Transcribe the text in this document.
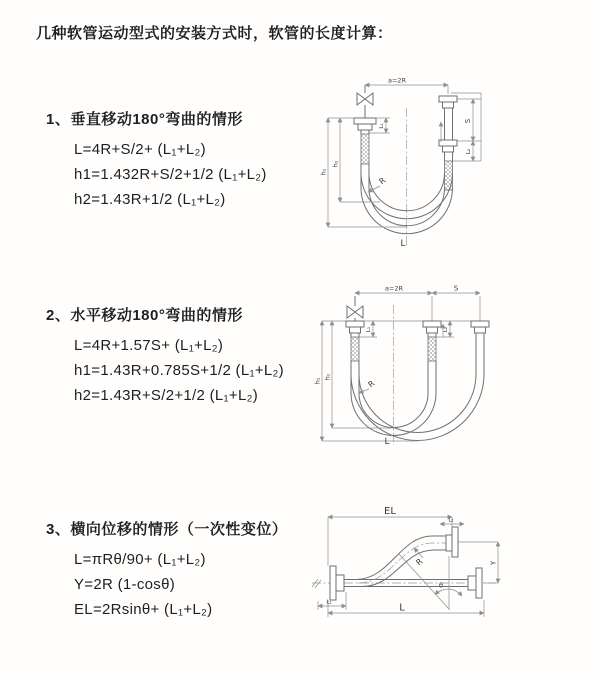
几种软管运动型式的安装方式时，软管的长度计算：
1、垂直移动180°弯曲的情形
L=4R+S/2+ (L₁+L₂)
h1=1.432R+S/2+1/2 (L₁+L₂)
h2=1.43R+1/2 (L₁+L₂)
2、水平移动180°弯曲的情形
L=4R+1.57S+ (L₁+L₂)
h1=1.43R+0.785S+1/2 (L₁+L₂)
h2=1.43R+S/2+1/2 (L₁+L₂)
3、横向位移的情形（一次性变位）
L=πRθ/90+ (L₁+L₂)
Y=2R (1-cosθ)
EL=2Rsinθ+ (L₁+L₂)
a=2R
h₁
h₂
L₁
S
L₂
R
L
a=2R	S
h₁
h₂
L₁	L₂
R
L
EL
L₂
Y
R
θ
L
L₁
